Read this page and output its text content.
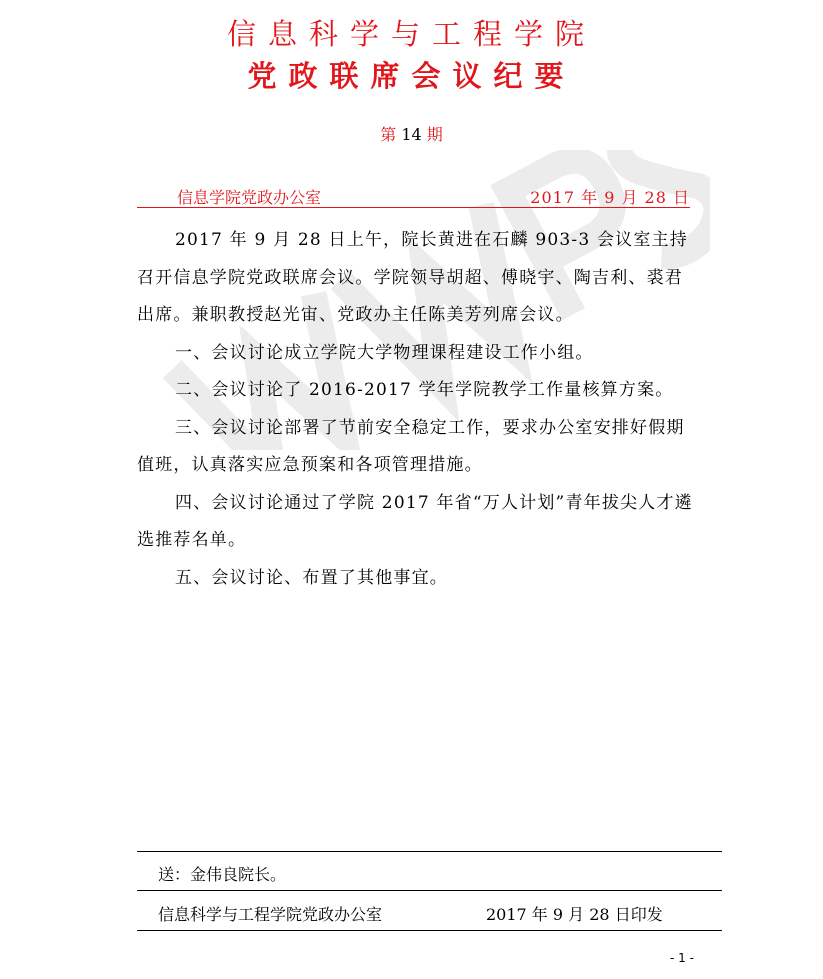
信息科学与工程学院
党政联席会议纪要
第 14 期
信息学院党政办公室	2017 年 9 月 28 日

2017 年 9 月 28 日上午，院长黄进在石麟 903-3 会议室主持召开信息学院党政联席会议。学院领导胡超、傅晓宇、陶吉利、裘君出席。兼职教授赵光宙、党政办主任陈美芳列席会议。

一、会议讨论成立学院大学物理课程建设工作小组。

二、会议讨论了 2016-2017 学年学院教学工作量核算方案。

三、会议讨论部署了节前安全稳定工作，要求办公室安排好假期值班，认真落实应急预案和各项管理措施。

四、会议讨论通过了学院 2017 年省“万人计划”青年拔尖人才遴选推荐名单。

五、会议讨论、布置了其他事宜。

送：金伟良院长。
信息科学与工程学院党政办公室	2017 年 9 月 28 日印发
- 1 -
